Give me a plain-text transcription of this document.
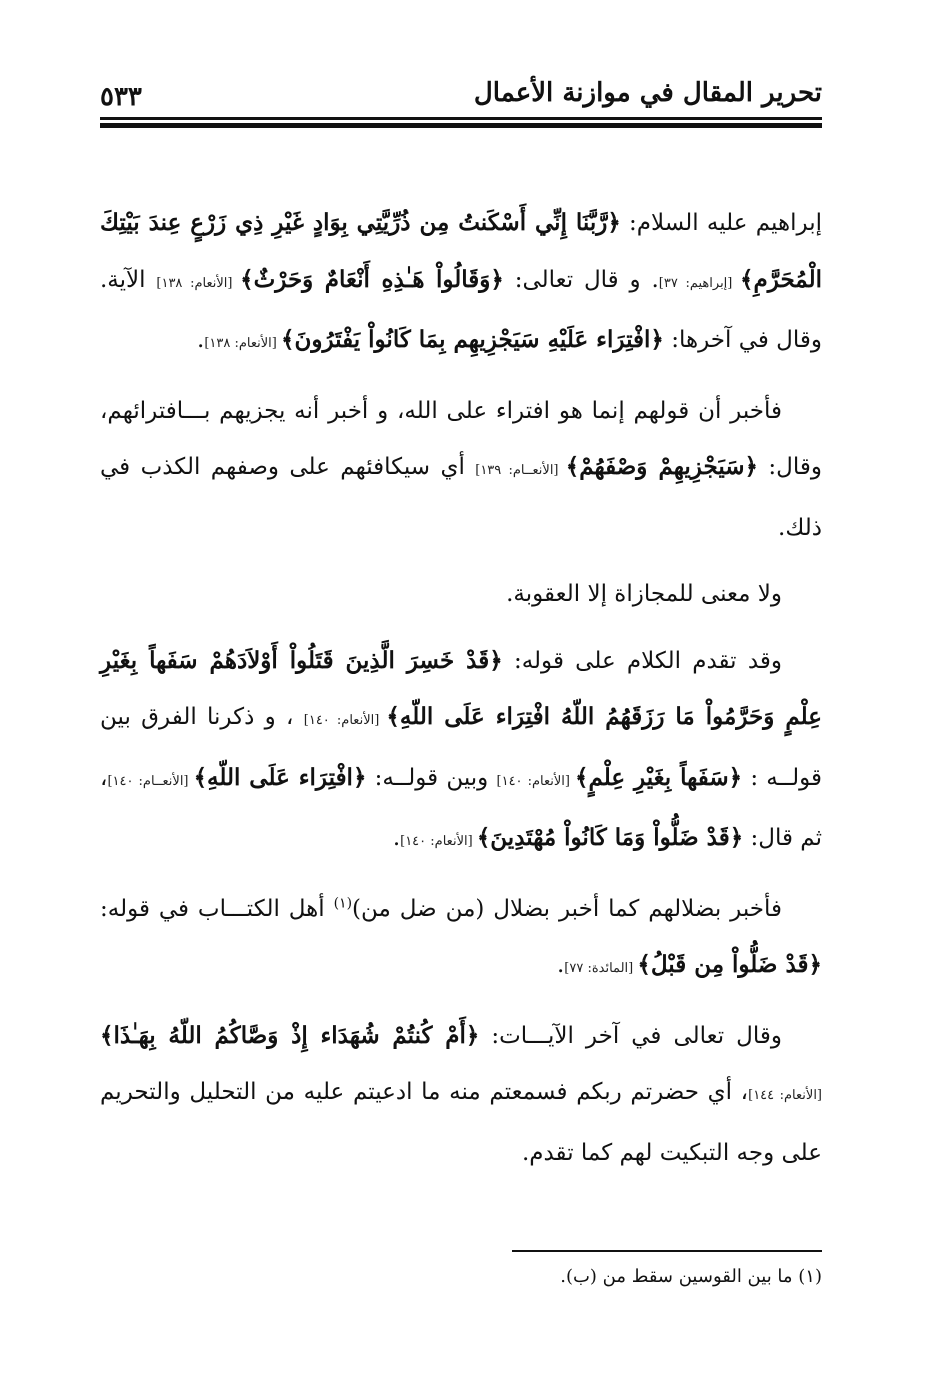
تحرير المقال في موازنة الأعمال
٥٣٣

إبراهيم عليه السلام: ﴿رَّبَّنَا إِنِّي أَسْكَنتُ مِن ذُرِّيَّتِي بِوَادٍ غَيْرِ ذِي زَرْعٍ عِندَ بَيْتِكَ الْمُحَرَّمِ﴾ [إبراهيم: ٣٧]. و قال تعالى: ﴿وَقَالُواْ هَـٰذِهِ أَنْعَامٌ وَحَرْثٌ﴾ [الأنعام: ١٣٨] الآية. وقال في آخرها: ﴿افْتِرَاء عَلَيْهِ سَيَجْزِيهِم بِمَا كَانُواْ يَفْتَرُونَ﴾ [الأنعام: ١٣٨].

فأخبر أن قولهم إنما هو افتراء على الله، و أخبر أنه يجزيهم بـــافترائهم، وقال: ﴿سَيَجْزِيهِمْ وَصْفَهُمْ﴾ [الأنعــام: ١٣٩] أي سيكافئهم على وصفهم الكذب في ذلك.

ولا معنى للمجازاة إلا العقوبة.

وقد تقدم الكلام على قوله: ﴿قَدْ خَسِرَ الَّذِينَ قَتَلُواْ أَوْلاَدَهُمْ سَفَهاً بِغَيْرِ عِلْمٍ وَحَرَّمُواْ مَا رَزَقَهُمُ اللّهُ افْتِرَاء عَلَى اللّهِ﴾ [الأنعام: ١٤٠] ، و ذكرنا الفرق بين قولــه : ﴿سَفَهاً بِغَيْرِ عِلْمٍ﴾ [الأنعام: ١٤٠] وبين قولــه: ﴿افْتِرَاء عَلَى اللّهِ﴾ [الأنعــام: ١٤٠]، ثم قال: ﴿قَدْ ضَلُّواْ وَمَا كَانُواْ مُهْتَدِينَ﴾ [الأنعام: ١٤٠].

فأخبر بضلالهم كما أخبر بضلال (من ضل من)$^{(١)}$ أهل الكتـــاب في قوله: ﴿قَدْ ضَلُّواْ مِن قَبْلُ﴾ [المائدة: ٧٧].

وقال تعالى في آخر الآيـــات: ﴿أَمْ كُنتُمْ شُهَدَاء إِذْ وَصَّاكُمُ اللّهُ بِهَـٰذَا﴾ [الأنعام: ١٤٤]، أي حضرتم ربكم فسمعتم منه ما ادعيتم عليه من التحليل والتحريم على وجه التبكيت لهم كما تقدم.

(١) ما بين القوسين سقط من (ب).
